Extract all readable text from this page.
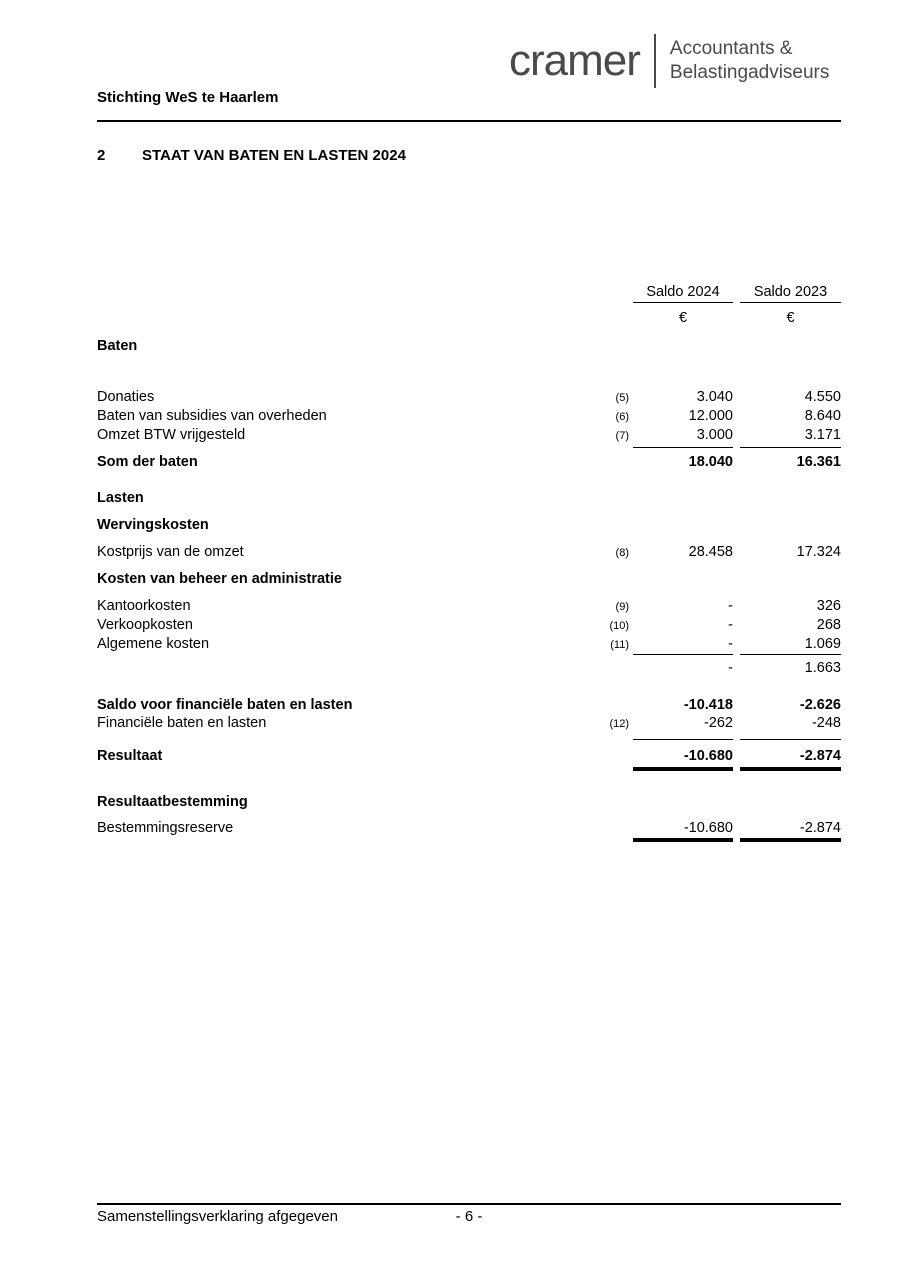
cramer Accountants &
Belastingadviseurs
Stichting WeS te Haarlem
2 STAAT VAN BATEN EN LASTEN 2024
Saldo 2024	Saldo 2023
€	€
Baten
Donaties	(5)	3.040	4.550
Baten van subsidies van overheden	(6)	12.000	8.640
Omzet BTW vrijgesteld	(7)	3.000	3.171
Som der baten	18.040	16.361
Lasten
Wervingskosten
Kostprijs van de omzet	(8)	28.458	17.324
Kosten van beheer en administratie
Kantoorkosten	(9)	-	326
Verkoopkosten	(10)	-	268
Algemene kosten	(11)	-	1.069
-	1.663
Saldo voor financiële baten en lasten	-10.418	-2.626
Financiële baten en lasten	(12)	-262	-248
Resultaat	-10.680	-2.874
Resultaatbestemming
Bestemmingsreserve	-10.680	-2.874
Samenstellingsverklaring afgegeven	- 6 -
